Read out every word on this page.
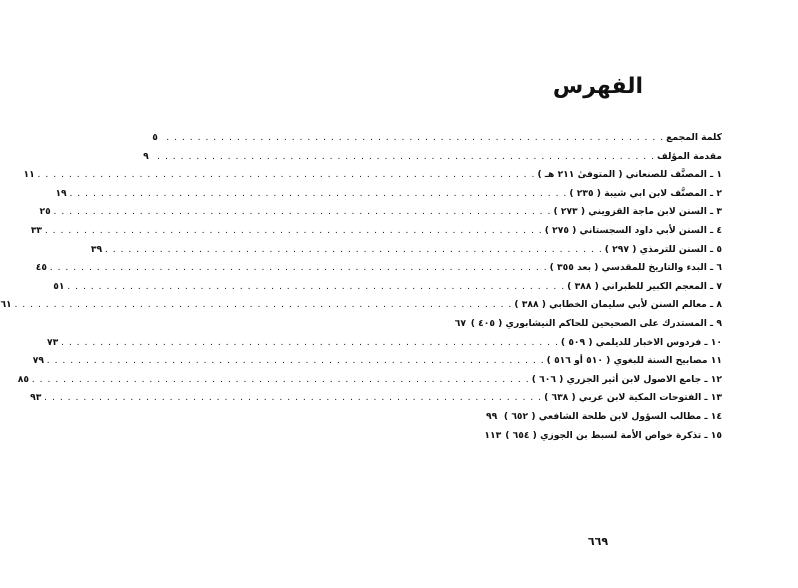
الفهرس
كلمة المجمع
. . .
٥
مقدمة المؤلف
. . .
٩
١ ـ المصنَّف للصنعاني ( المتوفىٰ ٢١١ هـ )
. . .
١١
٢ ـ المصنَّف لابن ابي شيبة ( ٢٣٥ )
. . .
١٩
٣ ـ السنن لابن ماجة القزويني ( ٢٧٣ )
. . .
٢٥
٤ ـ السنن لأبي داود السجستاني ( ٢٧٥ )
. . .
٣٣
٥ ـ السنن للترمذي ( ٢٩٧ )
. . .
٣٩
٦ ـ البدء والتاريخ للمقدسي ( بعد ٣٥٥ )
. . .
٤٥
٧ ـ المعجم الكبير للطبراني ( ٣٨٨ )
. . .
٥١
٨ ـ معالم السنن لأبي سليمان الخطابي ( ٣٨٨ )
. . .
٦١
٩ ـ المستدرك على الصحيحين للحاكم النيشابوري ( ٤٠٥ )
٦٧
١٠ ـ فردوس الاخبار للديلمي ( ٥٠٩ )
. . .
٧٣
١١ مصابيح السنة للبغوي ( ٥١٠ أو ٥١٦ )
. . .
٧٩
١٢ ـ جامع الاصول لابن أثير الجزري ( ٦٠٦ )
. . .
٨٥
١٣ ـ الفتوحات المكية لابن عربي ( ٦٣٨ )
. . .
٩٣
١٤ ـ مطالب السؤول لابن طلحة الشافعي ( ٦٥٢ )
. . .
٩٩
١٥ ـ تذكرة خواص الأمة لسبط بن الجوزي ( ٦٥٤ )
١١٣
٦٦٩
